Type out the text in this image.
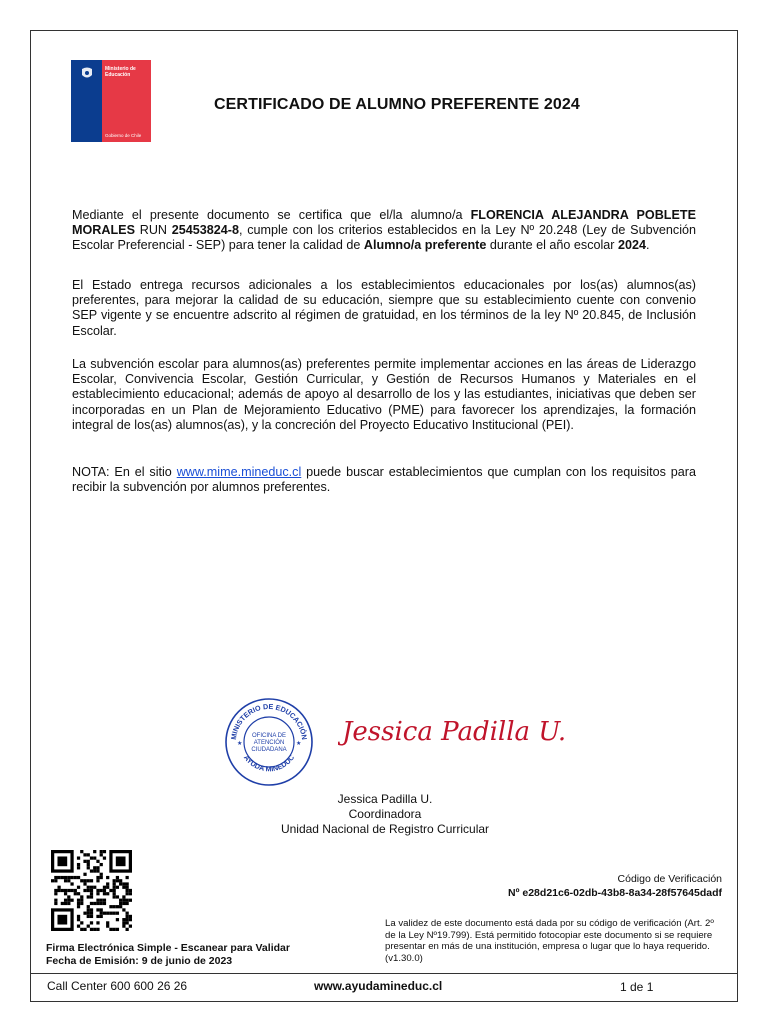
Ministerio de Educación
Gobierno de Chile
CERTIFICADO DE ALUMNO PREFERENTE 2024
Mediante el presente documento se certifica que el/la alumno/a FLORENCIA ALEJANDRA POBLETE MORALES RUN 25453824-8, cumple con los criterios establecidos en la Ley Nº 20.248 (Ley de Subvención Escolar Preferencial - SEP) para tener la calidad de Alumno/a preferente durante el año escolar 2024.
El Estado entrega recursos adicionales a los establecimientos educacionales por los(as) alumnos(as) preferentes, para mejorar la calidad de su educación, siempre que su establecimiento cuente con convenio SEP vigente y se encuentre adscrito al régimen de gratuidad, en los términos de la ley Nº 20.845, de Inclusión Escolar.
La subvención escolar para alumnos(as) preferentes permite implementar acciones en las áreas de Liderazgo Escolar, Convivencia Escolar, Gestión Curricular, y Gestión de Recursos Humanos y Materiales en el establecimiento educacional; además de apoyo al desarrollo de los y las estudiantes, iniciativas que deben ser incorporadas en un Plan de Mejoramiento Educativo (PME) para favorecer los aprendizajes, la formación integral de los(as) alumnos(as), y la concreción del Proyecto Educativo Institucional (PEI).
NOTA: En el sitio www.mime.mineduc.cl puede buscar establecimientos que cumplan con los requisitos para recibir la subvención por alumnos preferentes.
MINISTERIO DE EDUCACIÓN
AYUDA MINEDUC
OFICINA DE
ATENCIÓN
CIUDADANA
★	★ Jessica Padilla U.
Jessica Padilla U.
Coordinadora
Unidad Nacional de Registro Curricular
Firma Electrónica Simple - Escanear para Validar
Fecha de Emisión: 9 de junio de 2023
Código de Verificación
Nº e28d21c6-02db-43b8-8a34-28f57645dadf
La validez de este documento está dada por su código de verificación (Art. 2º de la Ley Nº19.799). Está permitido fotocopiar este documento si se requiere presentar en más de una institución, empresa o lugar que lo haya requerido. (v1.30.0)
Call Center 600 600 26 26	www.ayudamineduc.cl	1 de 1
